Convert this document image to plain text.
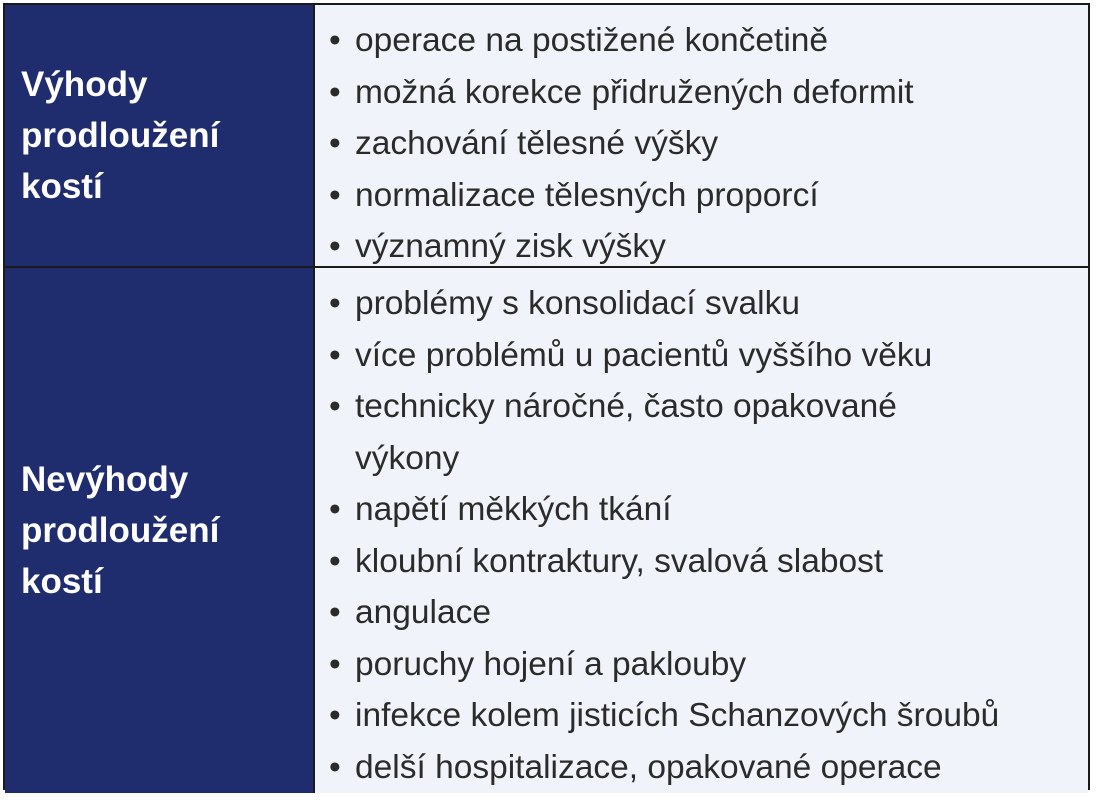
Výhody prodloužení kostí
• operace na postižené končetině
• možná korekce přidružených deformit
• zachování tělesné výšky
• normalizace tělesných proporcí
• významný zisk výšky
Nevýhody prodloužení kostí
• problémy s konsolidací svalku
• více problémů u pacientů vyššího věku
• technicky náročné, často opakované výkony
• napětí měkkých tkání
• kloubní kontraktury, svalová slabost
• angulace
• poruchy hojení a paklouby
• infekce kolem jisticích Schanzových šroubů
• delší hospitalizace, opakované operace
